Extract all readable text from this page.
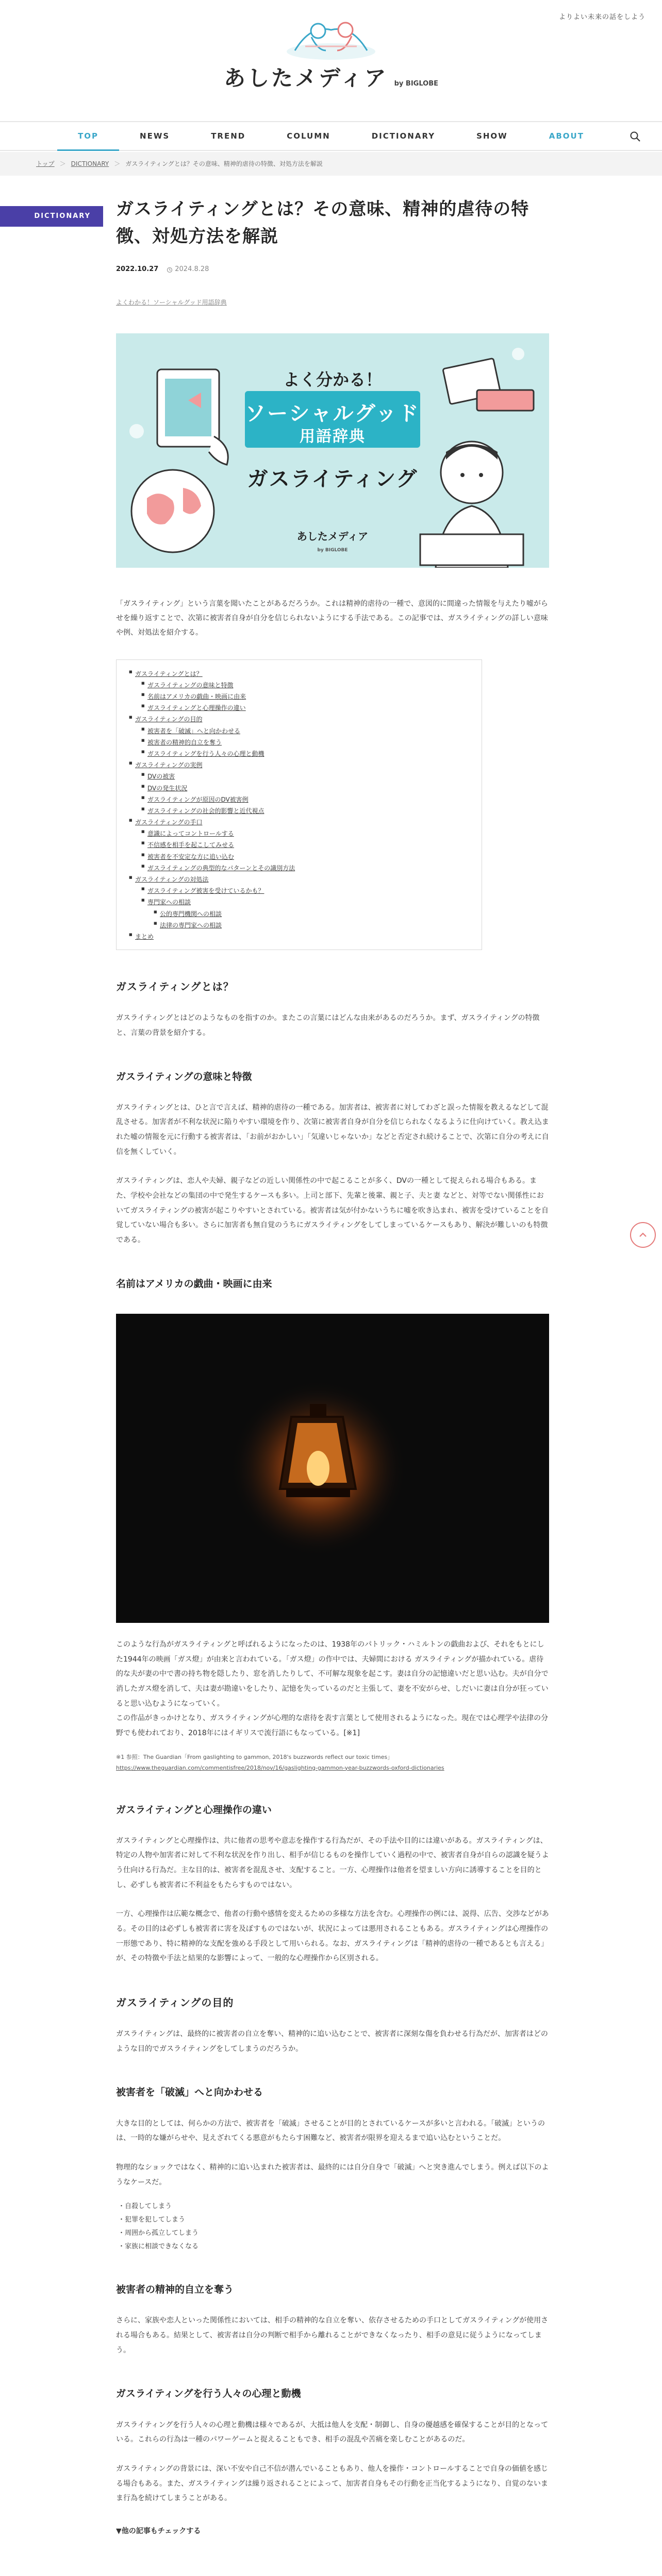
よりよい未来の話をしよう
あしたメディア by BIGLOBE
TOP	NEWS	TREND	COLUMN	DICTIONARY	SHOW	ABOUT
トップ ＞ DICTIONARY ＞ ガスライティングとは？その意味、精神的虐待の特徴、対処方法を解説
DICTIONARY	ガスライティングとは？その意味、精神的虐待の特徴、対処方法を解説
2022.10.27 2024.8.28
よくわかる！ソーシャルグッド用語辞典
よく分かる！
ソーシャルグッド
用語辞典
ガスライティング
あしたメディア
by BIGLOBE

「ガスライティング」という言葉を聞いたことがあるだろうか。これは精神的虐待の一種で、意図的に間違った情報を与えたり嘘がらせを繰り返すことで、次第に被害者自身が自分を信じられないようにする手法である。この記事では、ガスライティングの詳しい意味や例、対処法を紹介する。

■ ガスライティングとは？
■ ガスライティングの意味と特徴
■ 名前はアメリカの戯曲・映画に由来
■ ガスライティングと心理操作の違い
■ ガスライティングの目的
■ 被害者を「破滅」へと向かわせる
■ 被害者の精神的自立を奪う
■ ガスライティングを行う人々の心理と動機
■ ガスライティングの実例
■ DVの被害
■ DVの発生状況
■ ガスライティングが原因のDV被害例
■ ガスライティングの社会的影響と近代視点
■ ガスライティングの手口
■ 意識によってコントロールする
■ 不信感を相手を起こしてみせる
■ 被害者を不安定な方に追い込む
■ ガスライティングの典型的なパターンとその識別方法
■ ガスライティングの対処法
■ ガスライティング被害を受けているかも？
■ 専門家への相談
■ 公的専門機関への相談
■ 法律の専門家への相談
■ まとめ
ガスライティングとは？

ガスライティングとはどのようなものを指すのか。またこの言葉にはどんな由来があるのだろうか。まず、ガスライティングの特徴と、言葉の背景を紹介する。

ガスライティングの意味と特徴

ガスライティングとは、ひと言で言えば、精神的虐待の一種である。加害者は、被害者に対してわざと誤った情報を教えるなどして混乱させる。加害者が不利な状況に陥りやすい環境を作り、次第に被害者自身が自分を信じられなくなるように仕向けていく。教え込まれた嘘の情報を元に行動する被害者は、「お前がおかしい」「気違いじゃないか」などと否定され続けることで、次第に自分の考えに自信を無くしていく。

ガスライティングは、恋人や夫婦、親子などの近しい関係性の中で起こることが多く、DVの一種として捉えられる場合もある。また、学校や会社などの集団の中で発生するケースも多い。上司と部下、先輩と後輩、親と子、夫と妻 などと、対等でない関係性においてガスライティングの被害が起こりやすいとされている。被害者は気が付かないうちに嘘を吹き込まれ、被害を受けていることを自覚していない場合も多い。さらに加害者も無自覚のうちにガスライティングをしてしまっているケースもあり、解決が難しいのも特徴である。

名前はアメリカの戯曲・映画に由来

このような行為がガスライティングと呼ばれるようになったのは、1938年のパトリック・ハミルトンの戯曲および、それをもとにした1944年の映画「ガス燈」が由来と言われている。「ガス燈」の作中では、夫婦間における ガスライティングが描かれている。虐待的な夫が妻の中で書の持ち物を隠したり、窓を消したりして、不可解な現象を起こす。妻は自分の記憶違いだと思い込む。夫が自分で消したガス燈を消して、夫は妻が勘違いをしたり、記憶を失っているのだと主張して、妻を不安がらせ、しだいに妻は自分が狂っていると思い込むようになっていく。
この作品がきっかけとなり、ガスライティングが心理的な虐待を表す言葉として使用されるようになった。現在では心理学や法律の分野でも使われており、2018年にはイギリスで流行語にもなっている。[※1]

※1 参照：The Guardian「From gaslighting to gammon, 2018's buzzwords reflect our toxic times」
https://www.theguardian.com/commentisfree/2018/nov/16/gaslighting-gammon-year-buzzwords-oxford-dictionaries
ガスライティングと心理操作の違い

ガスライティングと心理操作は、共に他者の思考や意志を操作する行為だが、その手法や目的には違いがある。ガスライティングは、特定の人物や加害者に対して不利な状況を作り出し、相手が信じるものを操作していく過程の中で、被害者自身が自らの認識を疑うよう仕向ける行為だ。主な目的は、被害者を混乱させ、支配すること。一方、心理操作は他者を望ましい方向に誘導することを目的とし、必ずしも被害者に不利益をもたらすものではない。

一方、心理操作は広範な概念で、他者の行動や感情を変えるための多様な方法を含む。心理操作の例には、説得、広告、交渉などがある。その目的は必ずしも被害者に害を及ぼすものではないが、状況によっては悪用されることもある。ガスライティングは心理操作の一形態であり、特に精神的な支配を強める手段として用いられる。なお、ガスライティングは「精神的虐待の一種であるとも言える」が、その特徴や手法と結果的な影響によって、一般的な心理操作から区別される。

ガスライティングの目的

ガスライティングは、最終的に被害者の自立を奪い、精神的に追い込むことで、被害者に深刻な傷を負わせる行為だが、加害者はどのような目的でガスライティングをしてしまうのだろうか。

被害者を「破滅」へと向かわせる

大きな目的としては、何らかの方法で、被害者を「破滅」させることが目的とされているケースが多いと言われる。「破滅」というのは、一時的な嫌がらせや、見えざれてくる悪意がもたらす困難など、被害者が限界を迎えるまで追い込むということだ。

物理的なショックではなく、精神的に追い込まれた被害者は、最終的には自分自身で「破滅」へと突き進んでしまう。例えば以下のようなケースだ。

・ 自殺してしまう
・ 犯罪を犯してしまう
・ 周囲から孤立してしまう
・ 家族に相談できなくなる
被害者の精神的自立を奪う

さらに、家族や恋人といった関係性においては、相手の精神的な自立を奪い、依存させるための手口としてガスライティングが使用される場合もある。結果として、被害者は自分の判断で相手から離れることができなくなったり、相手の意見に従うようになってしまう。

ガスライティングを行う人々の心理と動機

ガスライティングを行う人々の心理と動機は様々であるが、大抵は他人を支配・制御し、自身の優越感を確保することが目的となっている。これらの行為は一種のパワーゲームと捉えることもでき、相手の混乱や苦痛を楽しむことがあるのだ。

ガスライティングの背景には、深い不安や自己不信が潜んでいることもあり、他人を操作・コントロールすることで自身の価値を感じる場合もある。また、ガスライティングは繰り返されることによって、加害者自身もその行動を正当化するようになり、自覚のないまま行為を続けてしまうことがある。

▼他の記事もチェックする
